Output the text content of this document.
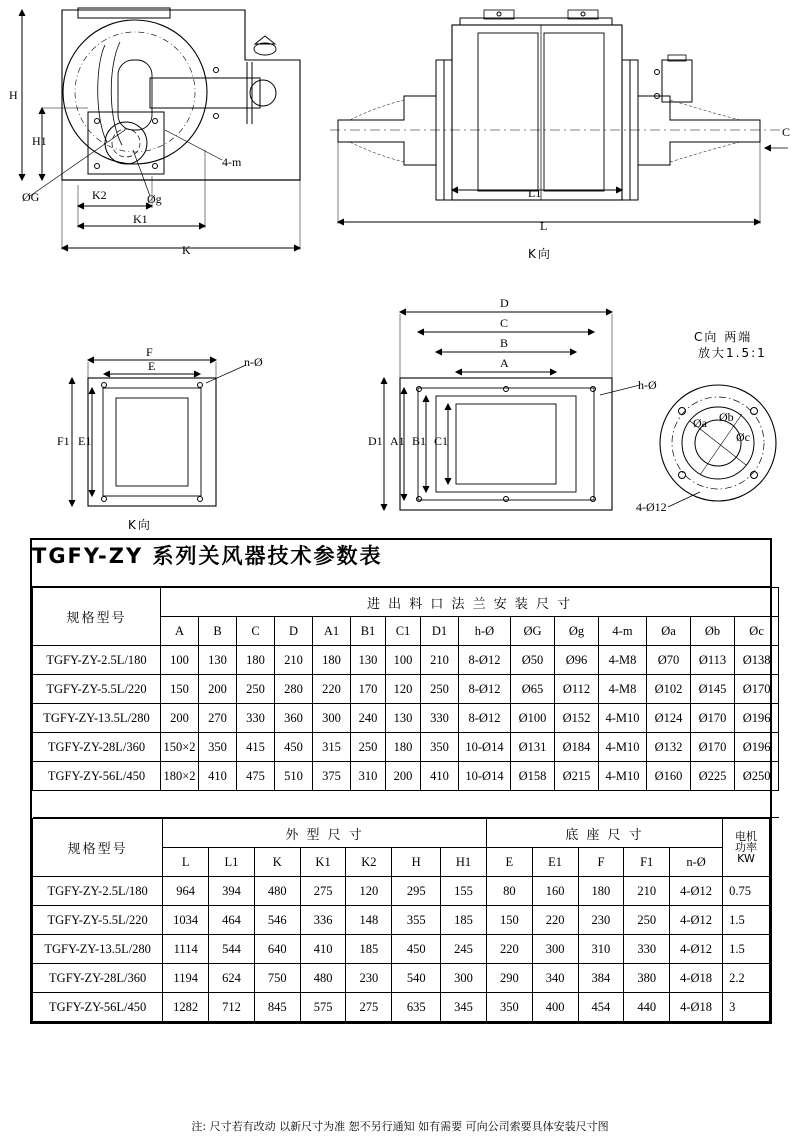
H
H1
ØG	K2
K1
Øg
K
4-m
L1
L
K向
C
F
E
F1 E1
n-Ø
K向
D
C
B
A
D1 A1 B1 C1
h-Ø
C向 两端
放大1.5:1
Øa Øb
Øc
4-Ø12
TGFY-ZY 系列关风器技术参数表
规格型号	进 出 料 口 法 兰 安 装 尺 寸														
	A	B	C	D	A1	B1	C1	D1	h-Ø	ØG	Øg	4-m	Øa	Øb	Øc
TGFY-ZY-2.5L/180	100	130	180	210	180	130	100	210	8-Ø12	Ø50	Ø96	4-M8	Ø70	Ø113	Ø138
TGFY-ZY-5.5L/220	150	200	250	280	220	170	120	250	8-Ø12	Ø65	Ø112	4-M8	Ø102	Ø145	Ø170
TGFY-ZY-13.5L/280	200	270	330	360	300	240	130	330	8-Ø12	Ø100	Ø152	4-M10	Ø124	Ø170	Ø196
TGFY-ZY-28L/360	150×2	350	415	450	315	250	180	350	10-Ø14	Ø131	Ø184	4-M10	Ø132	Ø170	Ø196
TGFY-ZY-56L/450	180×2	410	475	510	375	310	200	410	10-Ø14	Ø158	Ø215	4-M10	Ø160	Ø225	Ø250

规格型号	外 型 尺 寸							底 座 尺 寸					电机
功率
KW

	L	L1	K	K1	K2	H	H1	E	E1	F	F1	n-Ø	
TGFY-ZY-2.5L/180	964	394	480	275	120	295	155	80	160	180	210	4-Ø12	0.75
TGFY-ZY-5.5L/220	1034	464	546	336	148	355	185	150	220	230	250	4-Ø12	1.5
TGFY-ZY-13.5L/280	1114	544	640	410	185	450	245	220	300	310	330	4-Ø12	1.5
TGFY-ZY-28L/360	1194	624	750	480	230	540	300	290	340	384	380	4-Ø18	2.2
TGFY-ZY-56L/450	1282	712	845	575	275	635	345	350	400	454	440	4-Ø18	3
注: 尺寸若有改动 以新尺寸为准 恕不另行通知 如有需要 可向公司索要具体安装尺寸图
